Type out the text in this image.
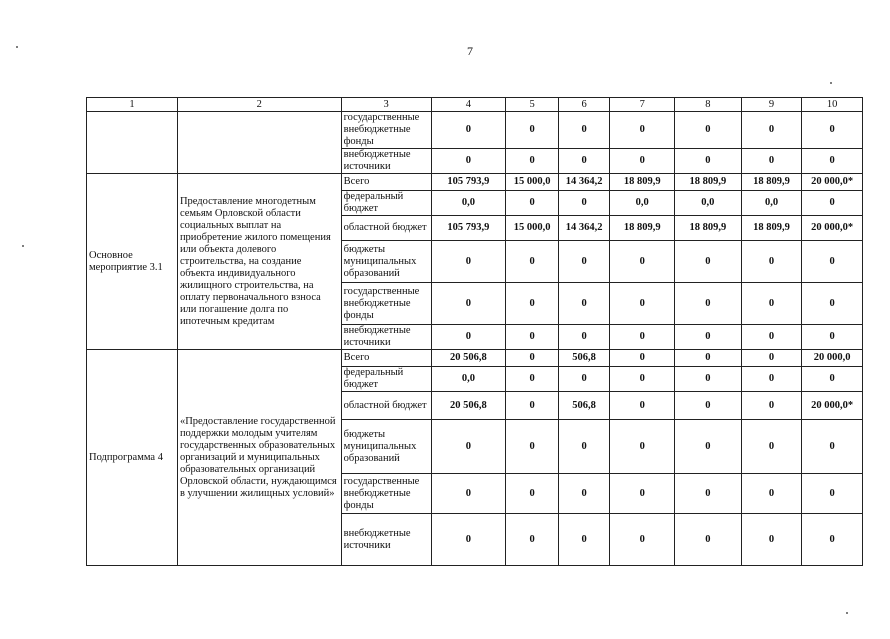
7
1	2	3	4	5	6	7	8	9	10
		государственные внебюджетные фонды	0	0	0	0	0	0	0
		внебюджетные источники	0	0	0	0	0	0	0
Основное мероприятие 3.1	Предоставление многодетным семьям Орловской области социальных выплат на приобретение жилого помещения или объекта долевого строительства, на создание объекта индивидуального жилищного строительства, на оплату первоначального взноса или погашение долга по ипотечным кредитам	Всего	105 793,9	15 000,0	14 364,2	18 809,9	18 809,9	18 809,9	20 000,0*
		федеральный бюджет	0,0	0	0	0,0	0,0	0,0	0
		областной бюджет	105 793,9	15 000,0	14 364,2	18 809,9	18 809,9	18 809,9	20 000,0*
		бюджеты муниципальных образований	0	0	0	0	0	0	0
		государственные внебюджетные фонды	0	0	0	0	0	0	0
		внебюджетные источники	0	0	0	0	0	0	0
Подпрограмма 4	«Предоставление государственной поддержки молодым учителям государственных образовательных организаций и муниципальных образовательных организаций Орловской области, нуждающимся в улучшении жилищных условий»	Всего	20 506,8	0	506,8	0	0	0	20 000,0
		федеральный бюджет	0,0	0	0	0	0	0	0
		областной бюджет	20 506,8	0	506,8	0	0	0	20 000,0*
		бюджеты муниципальных образований	0	0	0	0	0	0	0
		государственные внебюджетные фонды	0	0	0	0	0	0	0
		внебюджетные источники	0	0	0	0	0	0	0
